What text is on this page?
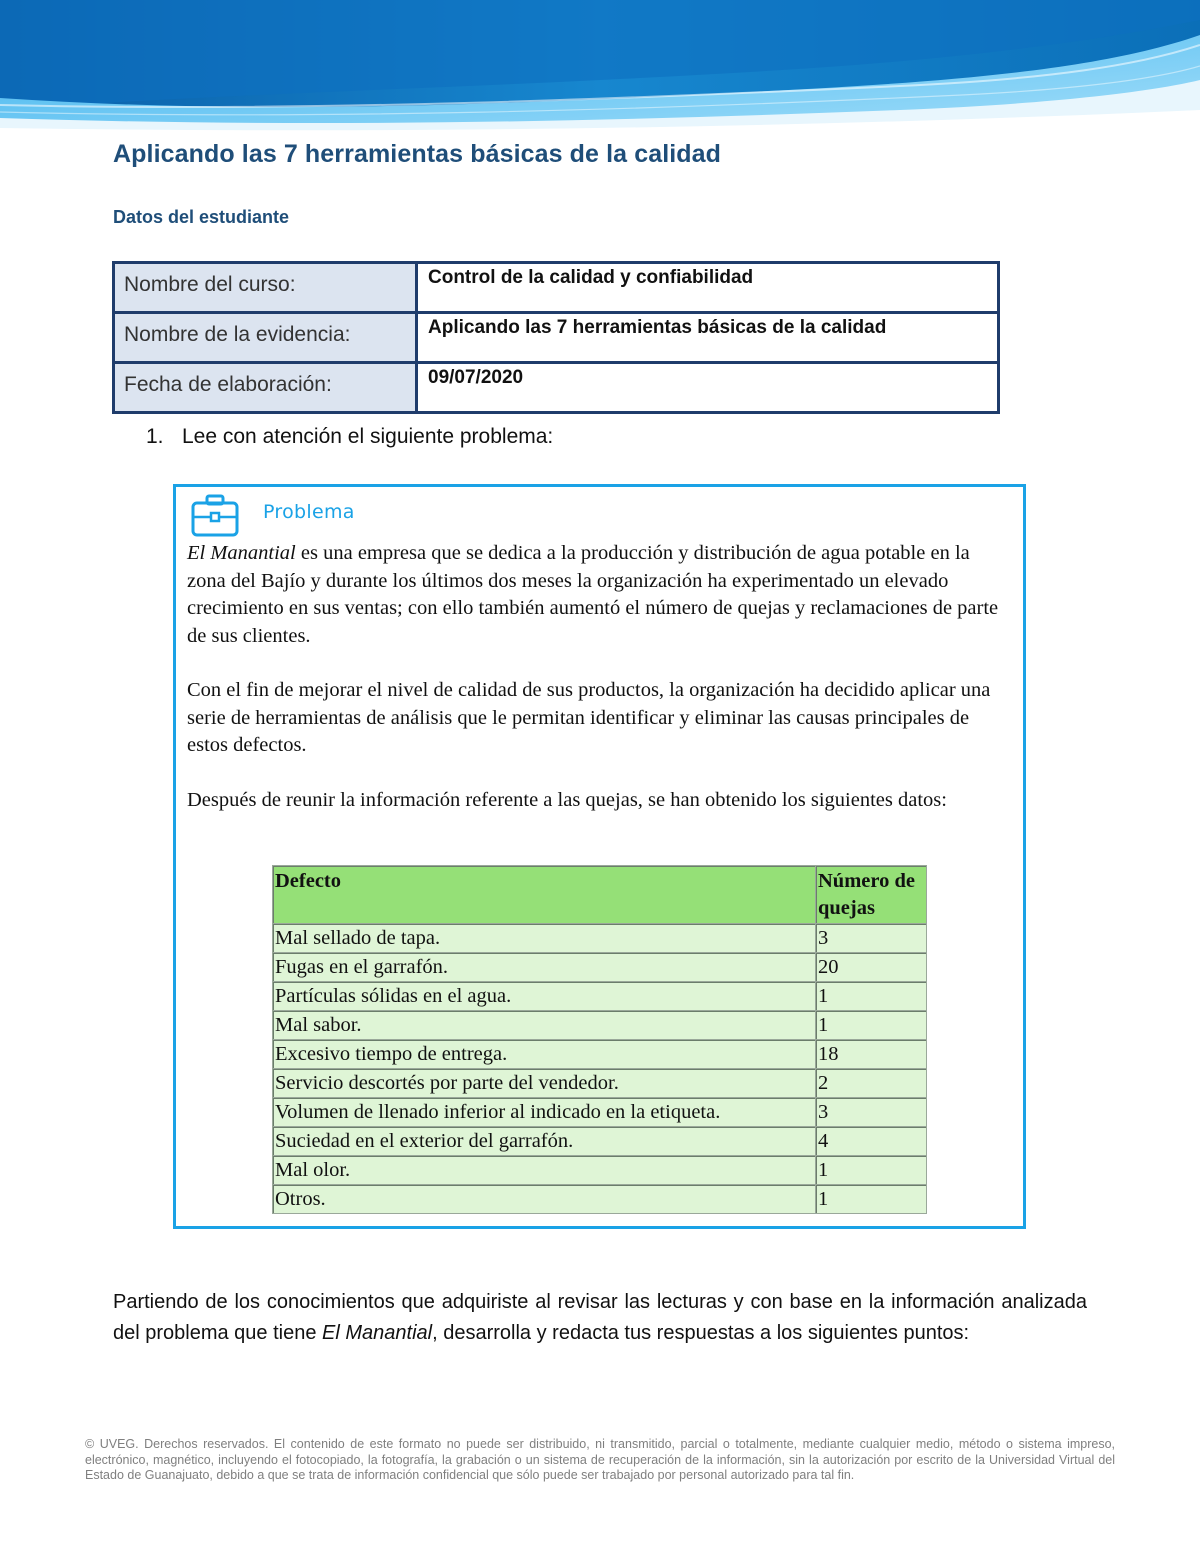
Aplicando las 7 herramientas básicas de la calidad
Datos del estudiante
Nombre del curso:	Control de la calidad y confiabilidad
Nombre de la evidencia:	Aplicando las 7 herramientas básicas de la calidad
Fecha de elaboración:	09/07/2020

1. Lee con atención el siguiente problema:

Problema

El Manantial es una empresa que se dedica a la producción y distribución de agua potable en la zona del Bajío y durante los últimos dos meses la organización ha experimentado un elevado crecimiento en sus ventas; con ello también aumentó el número de quejas y reclamaciones de parte de sus clientes.

Con el fin de mejorar el nivel de calidad de sus productos, la organización ha decidido aplicar una serie de herramientas de análisis que le permitan identificar y eliminar las causas principales de estos defectos.

Después de reunir la información referente a las quejas, se han obtenido los siguientes datos:

Defecto	Número de quejas
Mal sellado de tapa.	3
Fugas en el garrafón.	20
Partículas sólidas en el agua.	1
Mal sabor.	1
Excesivo tiempo de entrega.	18
Servicio descortés por parte del vendedor.	2
Volumen de llenado inferior al indicado en la etiqueta.	3
Suciedad en el exterior del garrafón.	4
Mal olor.	1
Otros.	1

Partiendo de los conocimientos que adquiriste al revisar las lecturas y con base en la información analizada del problema que tiene El Manantial, desarrolla y redacta tus respuestas a los siguientes puntos:

© UVEG. Derechos reservados. El contenido de este formato no puede ser distribuido, ni transmitido, parcial o totalmente, mediante cualquier medio, método o sistema impreso, electrónico, magnético, incluyendo el fotocopiado, la fotografía, la grabación o un sistema de recuperación de la información, sin la autorización por escrito de la Universidad Virtual del Estado de Guanajuato, debido a que se trata de información confidencial que sólo puede ser trabajado por personal autorizado para tal fin.
